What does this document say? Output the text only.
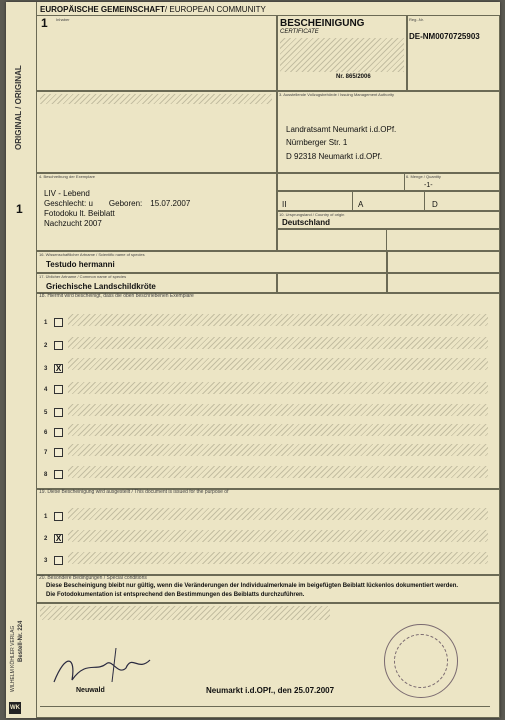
ORIGINAL / ORIGINAL
1
WILHELM KÖHLER VERLAG Bestell-Nr. 224
WK
EUROPÄISCHE GEMEINSCHAFT/ EUROPEAN COMMUNITY
1 Inhaber	BESCHEINIGUNG
CERTIFICATE
Nr. 865/2006
Reg.-Nr.
DE-NM0070725903
3. Ausstellende Vollzugsbehörde / Issuing Management Authority
Landratsamt Neumarkt i.d.OPf.
Nürnberger Str. 1
D 92318 Neumarkt i.d.OPf.
4. Beschreibung der Exemplare
LIV - Lebend
Geschlecht: u Geboren: 15.07.2007
Fotodoku lt. Beiblatt
Nachzucht 2007
6. Menge / Quantity
-1-
II	A	D
10. Ursprungsland / Country of origin
Deutschland
16. Wissenschaftlicher Artname / Scientific name of species
Testudo hermanni
17. Üblicher Artname / Common name of species
Griechische Landschildkröte
18. Hiermit wird bescheinigt, dass die oben beschriebenen Exemplare
1
2
3 X
4
5
6
7
8
19. Diese Bescheinigung wird ausgestellt / This document is issued for the purpose of
1
2 X
3
20. Besondere Bedingungen / Special conditions
Diese Bescheinigung bleibt nur gültig, wenn die Veränderungen der Individualmerkmale im beigefügten Beiblatt lückenlos dokumentiert werden.
Die Fotodokumentation ist entsprechend den Bestimmungen des Beiblatts durchzuführen.
Neuwald	Neumarkt i.d.OPf., den 25.07.2007
